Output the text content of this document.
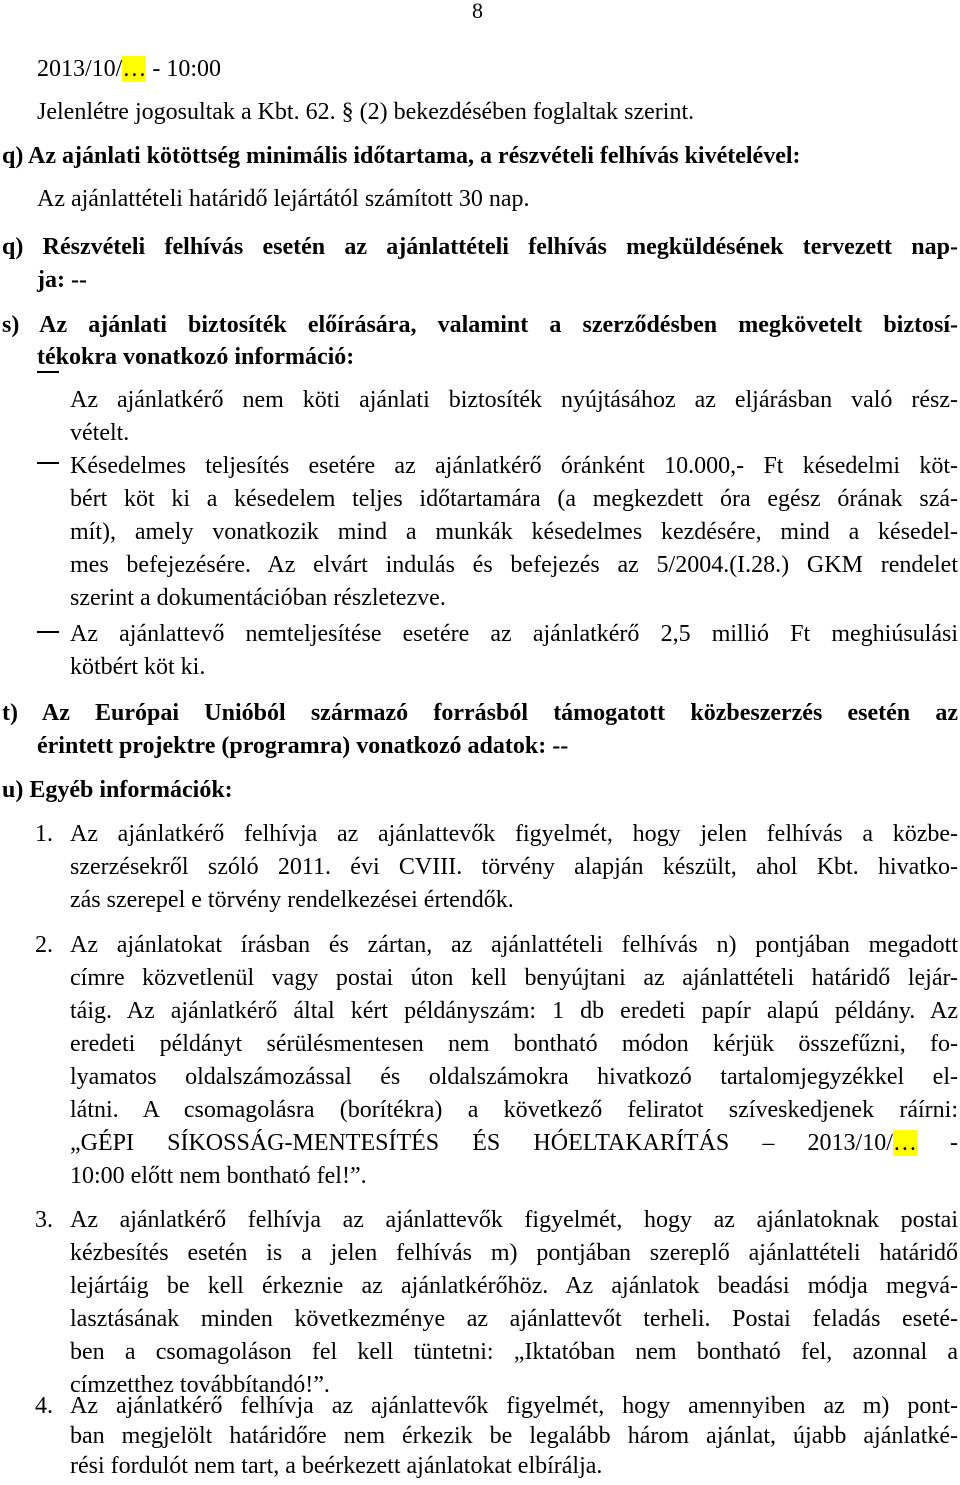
8
2013/10/… - 10:00
Jelenlétre jogosultak a Kbt. 62. § (2) bekezdésében foglaltak szerint.
q) Az ajánlati kötöttség minimális időtartama, a részvételi felhívás kivételével:
Az ajánlattételi határidő lejártától számított 30 nap.
q) Részvételi felhívás esetén az ajánlattételi felhívás megküldésének tervezett nap-
ja: --
s) Az ajánlati biztosíték előírására, valamint a szerződésben megkövetelt biztosí-
tékokra vonatkozó információ:
Az ajánlatkérő nem köti ajánlati biztosíték nyújtásához az eljárásban való rész-
vételt.
Késedelmes teljesítés esetére az ajánlatkérő óránként 10.000,- Ft késedelmi köt-
bért köt ki a késedelem teljes időtartamára (a megkezdett óra egész órának szá-
mít), amely vonatkozik mind a munkák késedelmes kezdésére, mind a késedel-
mes befejezésére. Az elvárt indulás és befejezés az 5/2004.(I.28.) GKM rendelet
szerint a dokumentációban részletezve.
Az ajánlattevő nemteljesítése esetére az ajánlatkérő 2,5 millió Ft meghiúsulási
kötbért köt ki.
t) Az Európai Unióból származó forrásból támogatott közbeszerzés esetén az
érintett projektre (programra) vonatkozó adatok: --
u) Egyéb információk:
1. Az ajánlatkérő felhívja az ajánlattevők figyelmét, hogy jelen felhívás a közbe-
szerzésekről szóló 2011. évi CVIII. törvény alapján készült, ahol Kbt. hivatko-
zás szerepel e törvény rendelkezései értendők.
2. Az ajánlatokat írásban és zártan, az ajánlattételi felhívás n) pontjában megadott
címre közvetlenül vagy postai úton kell benyújtani az ajánlattételi határidő lejár-
táig. Az ajánlatkérő által kért példányszám: 1 db eredeti papír alapú példány. Az
eredeti példányt sérülésmentesen nem bontható módon kérjük összefűzni, fo-
lyamatos oldalszámozással és oldalszámokra hivatkozó tartalomjegyzékkel el-
látni. A csomagolásra (borítékra) a következő feliratot szíveskedjenek ráírni:
„GÉPI SÍKOSSÁG-MENTESÍTÉS ÉS HÓELTAKARÍTÁS – 2013/10/… -
10:00 előtt nem bontható fel!”.
3. Az ajánlatkérő felhívja az ajánlattevők figyelmét, hogy az ajánlatoknak postai
kézbesítés esetén is a jelen felhívás m) pontjában szereplő ajánlattételi határidő
lejártáig be kell érkeznie az ajánlatkérőhöz. Az ajánlatok beadási módja megvá-
lasztásának minden következménye az ajánlattevőt terheli. Postai feladás eseté-
ben a csomagoláson fel kell tüntetni: „Iktatóban nem bontható fel, azonnal a
címzetthez továbbítandó!”.
4. Az ajánlatkérő felhívja az ajánlattevők figyelmét, hogy amennyiben az m) pont-
ban megjelölt határidőre nem érkezik be legalább három ajánlat, újabb ajánlatké-
rési fordulót nem tart, a beérkezett ajánlatokat elbírálja.
